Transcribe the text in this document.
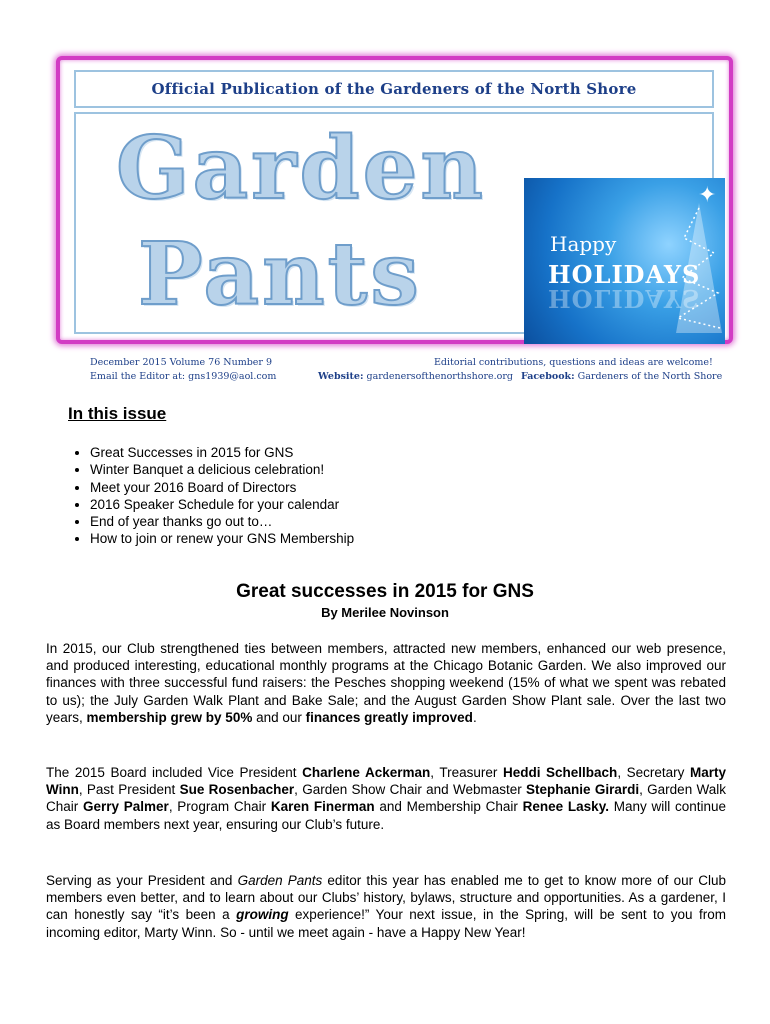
Official Publication of the Gardeners of the North Shore
Garden
Pants
✦
Happy
HOLIDAYS
HOLIDAYS
December 2015 Volume 76 Number 9
Email the Editor at: gns1939@aol.com
Editorial contributions, questions and ideas are welcome!
Website: gardenersofthenorthshore.org Facebook: Gardeners of the North Shore
In this issue
• Great Successes in 2015 for GNS
• Winter Banquet a delicious celebration!
• Meet your 2016 Board of Directors
• 2016 Speaker Schedule for your calendar
• End of year thanks go out to…
• How to join or renew your GNS Membership
Great successes in 2015 for GNS
By Merilee Novinson
In 2015, our Club strengthened ties between members, attracted new members, enhanced our web presence, and produced interesting, educational monthly programs at the Chicago Botanic Garden. We also improved our finances with three successful fund raisers: the Pesches shopping weekend (15% of what we spent was rebated to us); the July Garden Walk Plant and Bake Sale; and the August Garden Show Plant sale. Over the last two years, membership grew by 50% and our finances greatly improved.
The 2015 Board included Vice President Charlene Ackerman, Treasurer Heddi Schellbach, Secretary Marty Winn, Past President Sue Rosenbacher, Garden Show Chair and Webmaster Stephanie Girardi, Garden Walk Chair Gerry Palmer, Program Chair Karen Finerman and Membership Chair Renee Lasky. Many will continue as Board members next year, ensuring our Club’s future.
Serving as your President and Garden Pants editor this year has enabled me to get to know more of our Club members even better, and to learn about our Clubs’ history, bylaws, structure and opportunities. As a gardener, I can honestly say “it’s been a growing experience!” Your next issue, in the Spring, will be sent to you from incoming editor, Marty Winn. So - until we meet again - have a Happy New Year!
